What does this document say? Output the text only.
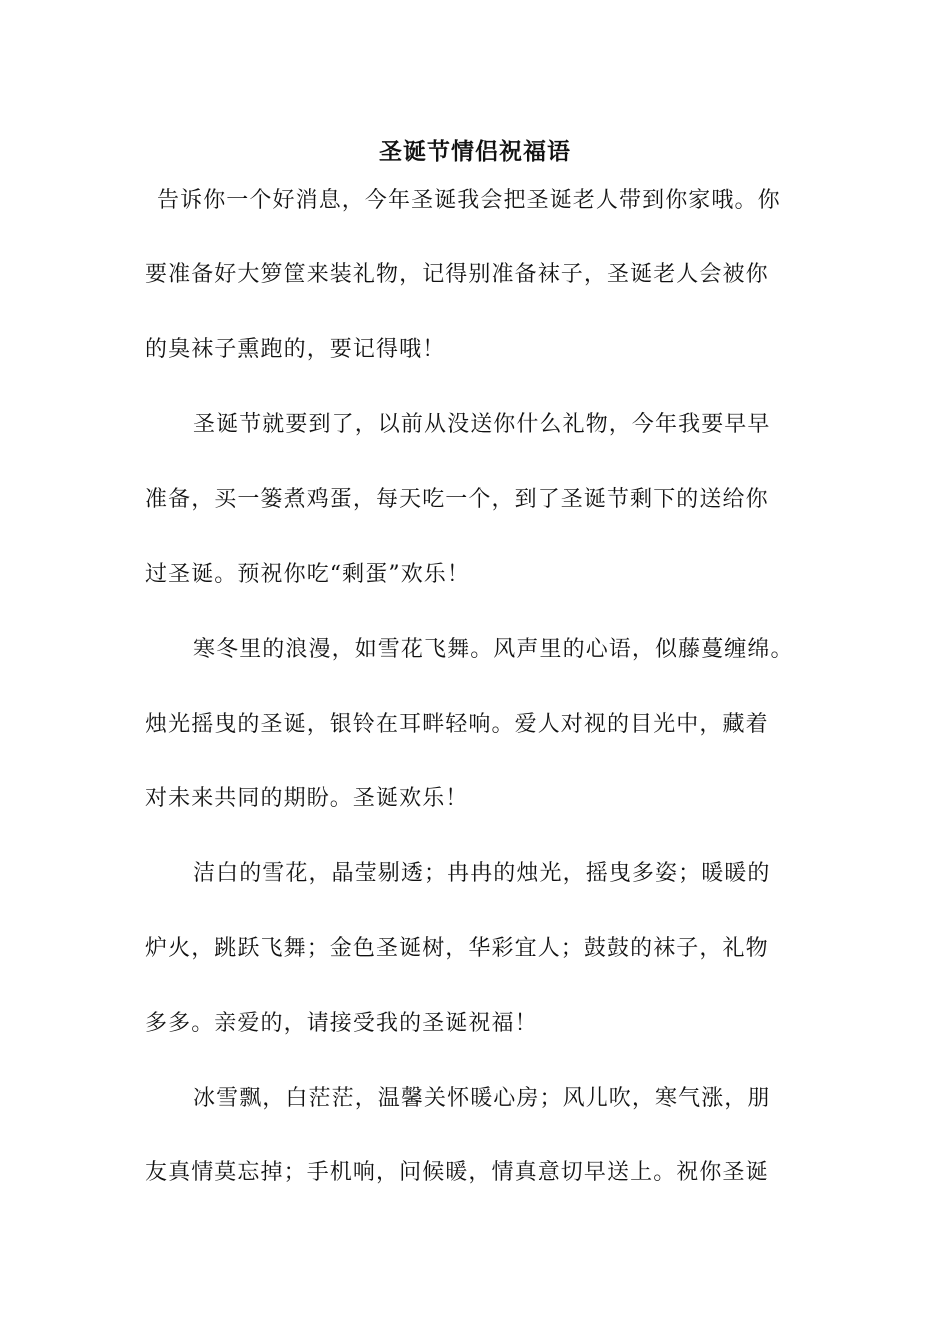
圣诞节情侣祝福语

告诉你一个好消息，今年圣诞我会把圣诞老人带到你家哦。你

要准备好大箩筐来装礼物，记得别准备袜子，圣诞老人会被你

的臭袜子熏跑的，要记得哦！

圣诞节就要到了，以前从没送你什么礼物，今年我要早早

准备，买一篓煮鸡蛋，每天吃一个，到了圣诞节剩下的送给你

过圣诞。预祝你吃“剩蛋”欢乐！

寒冬里的浪漫，如雪花飞舞。风声里的心语，似藤蔓缠绵。

烛光摇曳的圣诞，银铃在耳畔轻响。爱人对视的目光中，藏着

对未来共同的期盼。圣诞欢乐！

洁白的雪花，晶莹剔透；冉冉的烛光，摇曳多姿；暖暖的

炉火，跳跃飞舞；金色圣诞树，华彩宜人；鼓鼓的袜子，礼物

多多。亲爱的，请接受我的圣诞祝福！

冰雪飘，白茫茫，温馨关怀暖心房；风儿吹，寒气涨，朋

友真情莫忘掉；手机响，问候暖，情真意切早送上。祝你圣诞
